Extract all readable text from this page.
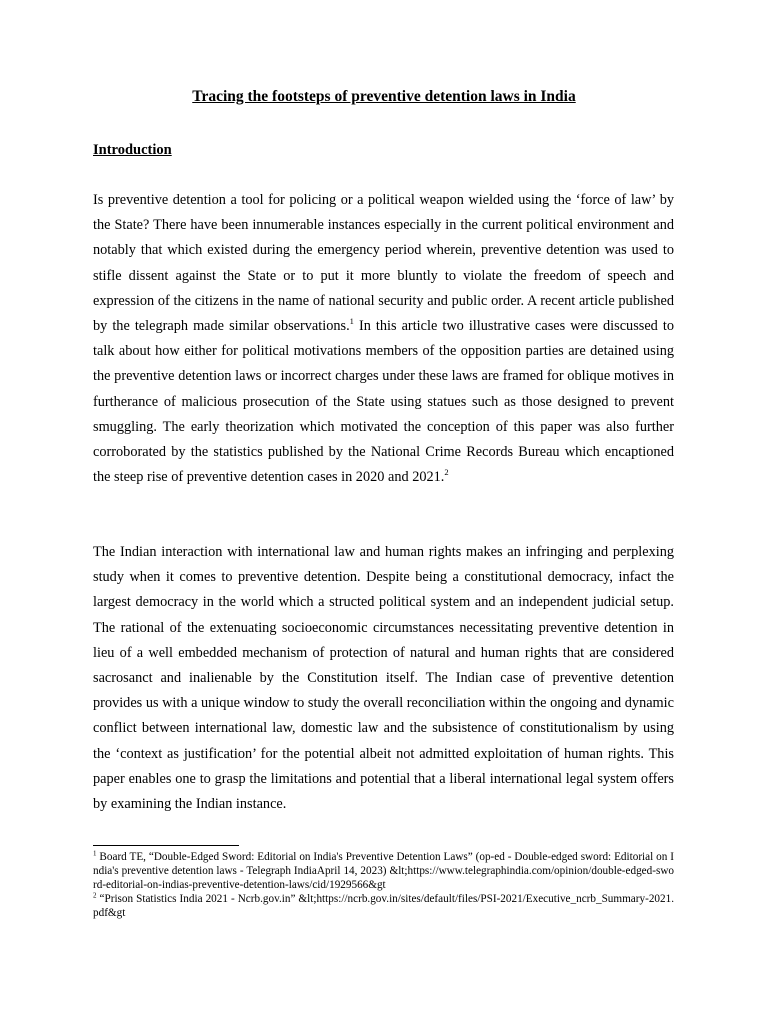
Tracing the footsteps of preventive detention laws in India
Introduction

Is preventive detention a tool for policing or a political weapon wielded using the ‘force of law’ by the State? There have been innumerable instances especially in the current political environment and notably that which existed during the emergency period wherein, preventive detention was used to stifle dissent against the State or to put it more bluntly to violate the freedom of speech and expression of the citizens in the name of national security and public order. A recent article published by the telegraph made similar observations.$^1$ In this article two illustrative cases were discussed to talk about how either for political motivations members of the opposition parties are detained using the preventive detention laws or incorrect charges under these laws are framed for oblique motives in furtherance of malicious prosecution of the State using statues such as those designed to prevent smuggling. The early theorization which motivated the conception of this paper was also further corroborated by the statistics published by the National Crime Records Bureau which encaptioned the steep rise of preventive detention cases in 2020 and 2021.$^2$

The Indian interaction with international law and human rights makes an infringing and perplexing study when it comes to preventive detention. Despite being a constitutional democracy, infact the largest democracy in the world which a structed political system and an independent judicial setup. The rational of the extenuating socioeconomic circumstances necessitating preventive detention in lieu of a well embedded mechanism of protection of natural and human rights that are considered sacrosanct and inalienable by the Constitution itself. The Indian case of preventive detention provides us with a unique window to study the overall reconciliation within the ongoing and dynamic conflict between international law, domestic law and the subsistence of constitutionalism by using the ‘context as justification’ for the potential albeit not admitted exploitation of human rights. This paper enables one to grasp the limitations and potential that a liberal international legal system offers by examining the Indian instance.

$^1$ Board TE, “Double-Edged Sword: Editorial on India's Preventive Detention Laws” (op-ed - Double-edged sword: Editorial on India's preventive detention laws - Telegraph IndiaApril 14, 2023) &lt;https://www.telegraphindia.com/opinion/double-edged-sword-editorial-on-indias-preventive-detention-laws/cid/1929566&gt

$^2$ “Prison Statistics India 2021 - Ncrb.gov.in” &lt;https://ncrb.gov.in/sites/default/files/PSI-2021/Executive_ncrb_Summary-2021.pdf&gt
